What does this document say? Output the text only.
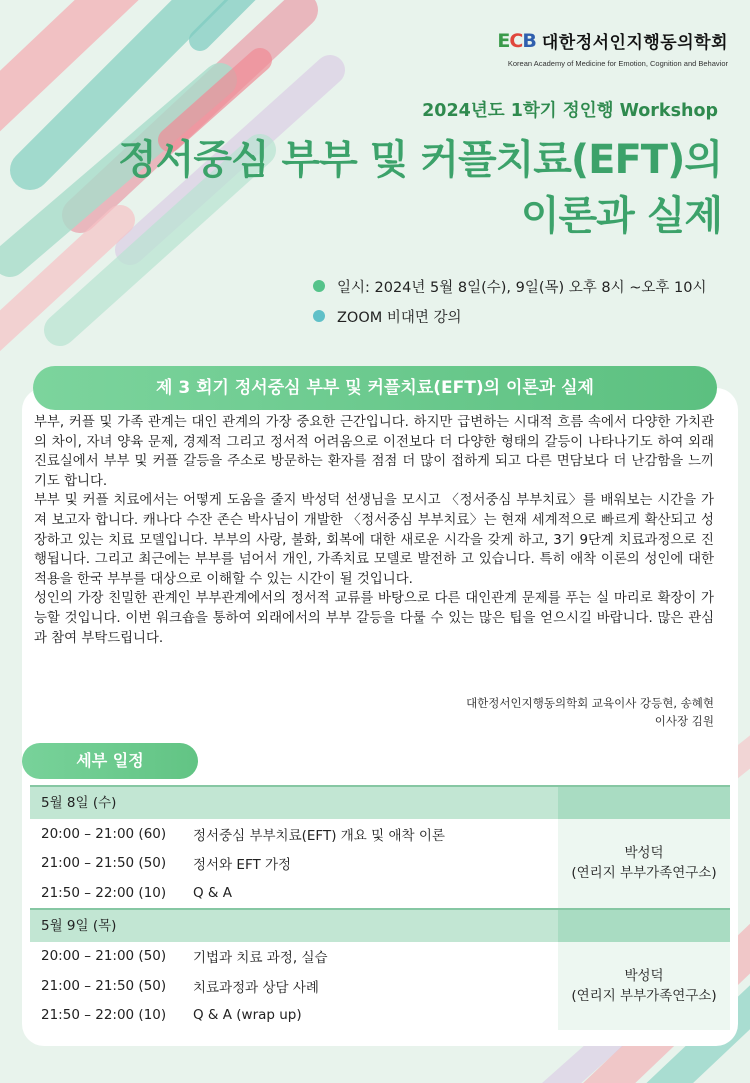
ECB 대한정서인지행동의학회
Korean Academy of Medicine for Emotion, Cognition and Behavior
2024년도 1학기 정인행 Workshop
정서중심 부부 및 커플치료(EFT)의
이론과 실제
일시: 2024년 5월 8일(수), 9일(목) 오후 8시 ~오후 10시
ZOOM 비대면 강의
제 3 회기 정서중심 부부 및 커플치료(EFT)의 이론과 실제

부부, 커플 및 가족 관계는 대인 관계의 가장 중요한 근간입니다. 하지만 급변하는 시대적 흐름 속에서 다양한 가치관의 차이, 자녀 양육 문제, 경제적 그리고 정서적 어려움으로 이전보다 더 다양한 형태의 갈등이 나타나기도 하여 외래 진료실에서 부부 및 커플 갈등을 주소로 방문하는 환자를 점점 더 많이 접하게 되고 다른 면담보다 더 난감함을 느끼기도 합니다.

부부 및 커플 치료에서는 어떻게 도움을 줄지 박성덕 선생님을 모시고 〈정서중심 부부치료〉를 배워보는 시간을 가져 보고자 합니다. 캐나다 수잔 존슨 박사님이 개발한 〈정서중심 부부치료〉는 현재 세계적으로 빠르게 확산되고 성장하고 있는 치료 모델입니다. 부부의 사랑, 불화, 회복에 대한 새로운 시각을 갖게 하고, 3기 9단계 치료과정으로 진행됩니다. 그리고 최근에는 부부를 넘어서 개인, 가족치료 모델로 발전하 고 있습니다. 특히 애착 이론의 성인에 대한 적용을 한국 부부를 대상으로 이해할 수 있는 시간이 될 것입니다.

성인의 가장 친밀한 관계인 부부관계에서의 정서적 교류를 바탕으로 다른 대인관계 문제를 푸는 실 마리로 확장이 가능할 것입니다. 이번 워크숍을 통하여 외래에서의 부부 갈등을 다룰 수 있는 많은 팁을 얻으시길 바랍니다. 많은 관심과 참여 부탁드립니다.

대한정서인지행동의학회 교육이사 강등현, 송혜현
이사장 김원
세부 일정
5월 8일 (수)
박성덕
(연리지 부부가족연구소)
20:00 – 21:00 (60)	정서중심 부부치료(EFT) 개요 및 애착 이론
21:00 – 21:50 (50)	정서와 EFT 가정
21:50 – 22:00 (10)	Q & A
5월 9일 (목)
박성덕
(연리지 부부가족연구소)
20:00 – 21:00 (50)	기법과 치료 과정, 실습
21:00 – 21:50 (50)	치료과정과 상담 사례
21:50 – 22:00 (10)	Q & A (wrap up)
